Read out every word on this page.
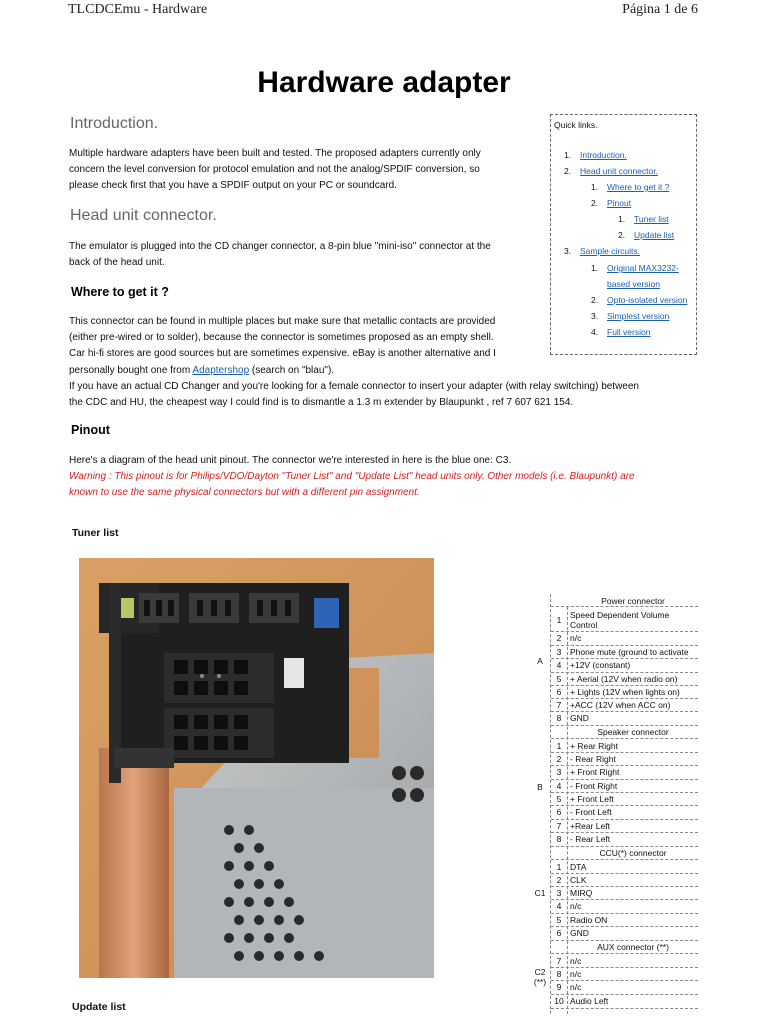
TLCDCEmu - Hardware	Página 1 de 6
Hardware adapter
Introduction.
Multiple hardware adapters have been built and tested. The proposed adapters currently only
concern the level conversion for protocol emulation and not the analog/SPDIF conversion, so
please check first that you have a SPDIF output on your PC or soundcard.
Head unit connector.
The emulator is plugged into the CD changer connector, a 8-pin blue "mini-iso" connector at the
back of the head unit.
Where to get it ?
This connector can be found in multiple places but make sure that metallic contacts are provided
(either pre-wired or to solder), because the connector is sometimes proposed as an empty shell.
Car hi-fi stores are good sources but are sometimes expensive. eBay is another alternative and I
personally bought one from Adaptershop (search on "blau").
If you have an actual CD Changer and you're looking for a female connector to insert your adapter (with relay switching) between
the CDC and HU, the cheapest way I could find is to dismantle a 1.3 m extender by Blaupunkt , ref 7 607 621 154.
Pinout
Here's a diagram of the head unit pinout. The connector we're interested in here is the blue one: C3.
Warning : This pinout is for Philips/VDO/Dayton "Tuner List" and "Update List" head units only. Other models (i.e. Blaupunkt) are
known to use the same physical connectors but with a different pin assignment.
Tuner list
Update list
Quick links.
1. Introduction.
2. Head unit connector.
1. Where to get it ?
2. Pinout
1. Tuner list
2. Update list
3. Sample circuits.
1. Original MAX3232-
based version
2. Opto-isolated version
3. Simplest version
4. Full version
Power connector
A
1	Speed Dependent Volume
Control
2	n/c
3	Phone mute (ground to activate
4	+12V (constant)
5	+ Aerial (12V when radio on)
6	+ Lights (12V when lights on)
7	+ACC (12V when ACC on)
8	GND
Speaker connector
B
1	+ Rear Right
2	- Rear Right
3	+ Front Right
4	- Front Right
5	+ Front Left
6	- Front Left
7	+Rear Left
8	- Rear Left
CCU(*) connector
C1
1	DTA
2	CLK
3	MIRQ
4	n/c
5	Radio ON
6	GND
AUX connector (**)
C2
(**)
7	n/c
8	n/c
9	n/c
10 Audio Left
